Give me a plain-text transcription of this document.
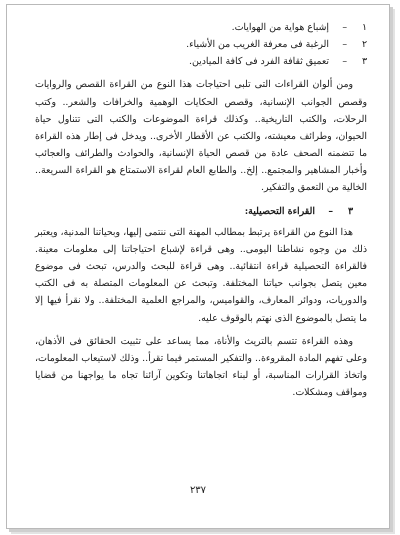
١–إشباع هواية من الهوايات.
٢–الرغبة فى معرفة الغريب من الأشياء.
٣–تعميق ثقافة الفرد فى كافة الميادين.

ومن ألوان القراءات التى تلبى احتياجات هذا النوع من القراءة القصص والروايات وقصص الجوانب الإنسانية، وقصص الحكايات الوهمية والخرافات والشعر.. وكتب الرحلات، والكتب التاريخية.. وكذلك قراءة الموضوعات والكتب التى تتناول حياة الحيوان، وطرائف معيشته، والكتب عن الأقطار الأخرى.. ويدخل فى إطار هذه القراءة ما تتضمنه الصحف عادة من قصص الحياة الإنسانية، والحوادث والطرائف والعجائب وأخبار المشاهير والمجتمع.. إلخ.. والطابع العام لقراءة الاستمتاع هو القراءة السريعة.. الخالية من التعمق والتفكير.

٣–القراءة التحصيلية:

هذا النوع من القراءة يرتبط بمطالب المهنة التى ننتمى إليها، وبحياتنا المدنية، ويعتبر ذلك من وجوه نشاطنا اليومى.. وهى قراءة لإشباع احتياجاتنا إلى معلومات معينة. فالقراءة التحصيلية قراءة انتقائية.. وهى قراءة للبحث والدرس، تبحث فى موضوع معين يتصل بجوانب حياتنا المختلفة. وتبحث عن المعلومات المتصلة به فى الكتب والدوريات، ودوائر المعارف، والقواميس، والمراجع العلمية المختلفة.. ولا نقرأ فيها إلا ما يتصل بالموضوع الذى نهتم بالوقوف عليه.

وهذه القراءة تتسم بالتريث والأناة، مما يساعد على تثبيت الحقائق فى الأذهان، وعلى تفهم المادة المقروءة.. والتفكير المستمر فيما تقرأ.. وذلك لاستيعاب المعلومات، واتخاذ القرارات المناسبة، أو لبناء اتجاهاتنا وتكوين آرائنا تجاه ما يواجهنا من قضايا ومواقف ومشكلات.

٢٣٧
